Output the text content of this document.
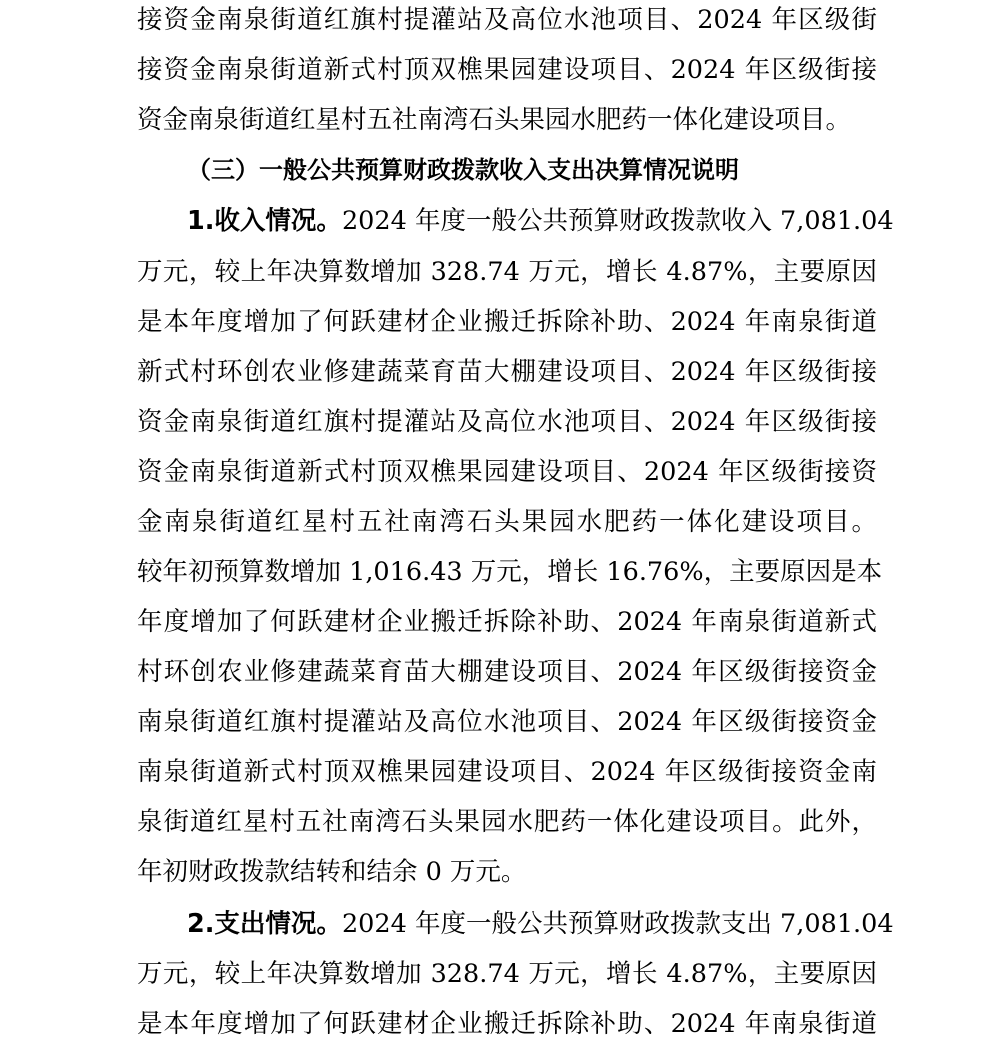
接资金南泉街道红旗村提灌站及高位水池项目、2024 年区级街
接资金南泉街道新式村顶双樵果园建设项目、2024 年区级街接
资金南泉街道红星村五社南湾石头果园水肥药一体化建设项目。
（三）一般公共预算财政拨款收入支出决算情况说明
1.收入情况。2024 年度一般公共预算财政拨款收入 7,081.04
万元，较上年决算数增加 328.74 万元，增长 4.87%，主要原因
是本年度增加了何跃建材企业搬迁拆除补助、2024 年南泉街道
新式村环创农业修建蔬菜育苗大棚建设项目、2024 年区级街接
资金南泉街道红旗村提灌站及高位水池项目、2024 年区级街接
资金南泉街道新式村顶双樵果园建设项目、2024 年区级街接资
金南泉街道红星村五社南湾石头果园水肥药一体化建设项目。
较年初预算数增加 1,016.43 万元，增长 16.76%，主要原因是本
年度增加了何跃建材企业搬迁拆除补助、2024 年南泉街道新式
村环创农业修建蔬菜育苗大棚建设项目、2024 年区级街接资金
南泉街道红旗村提灌站及高位水池项目、2024 年区级街接资金
南泉街道新式村顶双樵果园建设项目、2024 年区级街接资金南
泉街道红星村五社南湾石头果园水肥药一体化建设项目。此外，
年初财政拨款结转和结余 0 万元。
2.支出情况。2024 年度一般公共预算财政拨款支出 7,081.04
万元，较上年决算数增加 328.74 万元，增长 4.87%，主要原因
是本年度增加了何跃建材企业搬迁拆除补助、2024 年南泉街道
